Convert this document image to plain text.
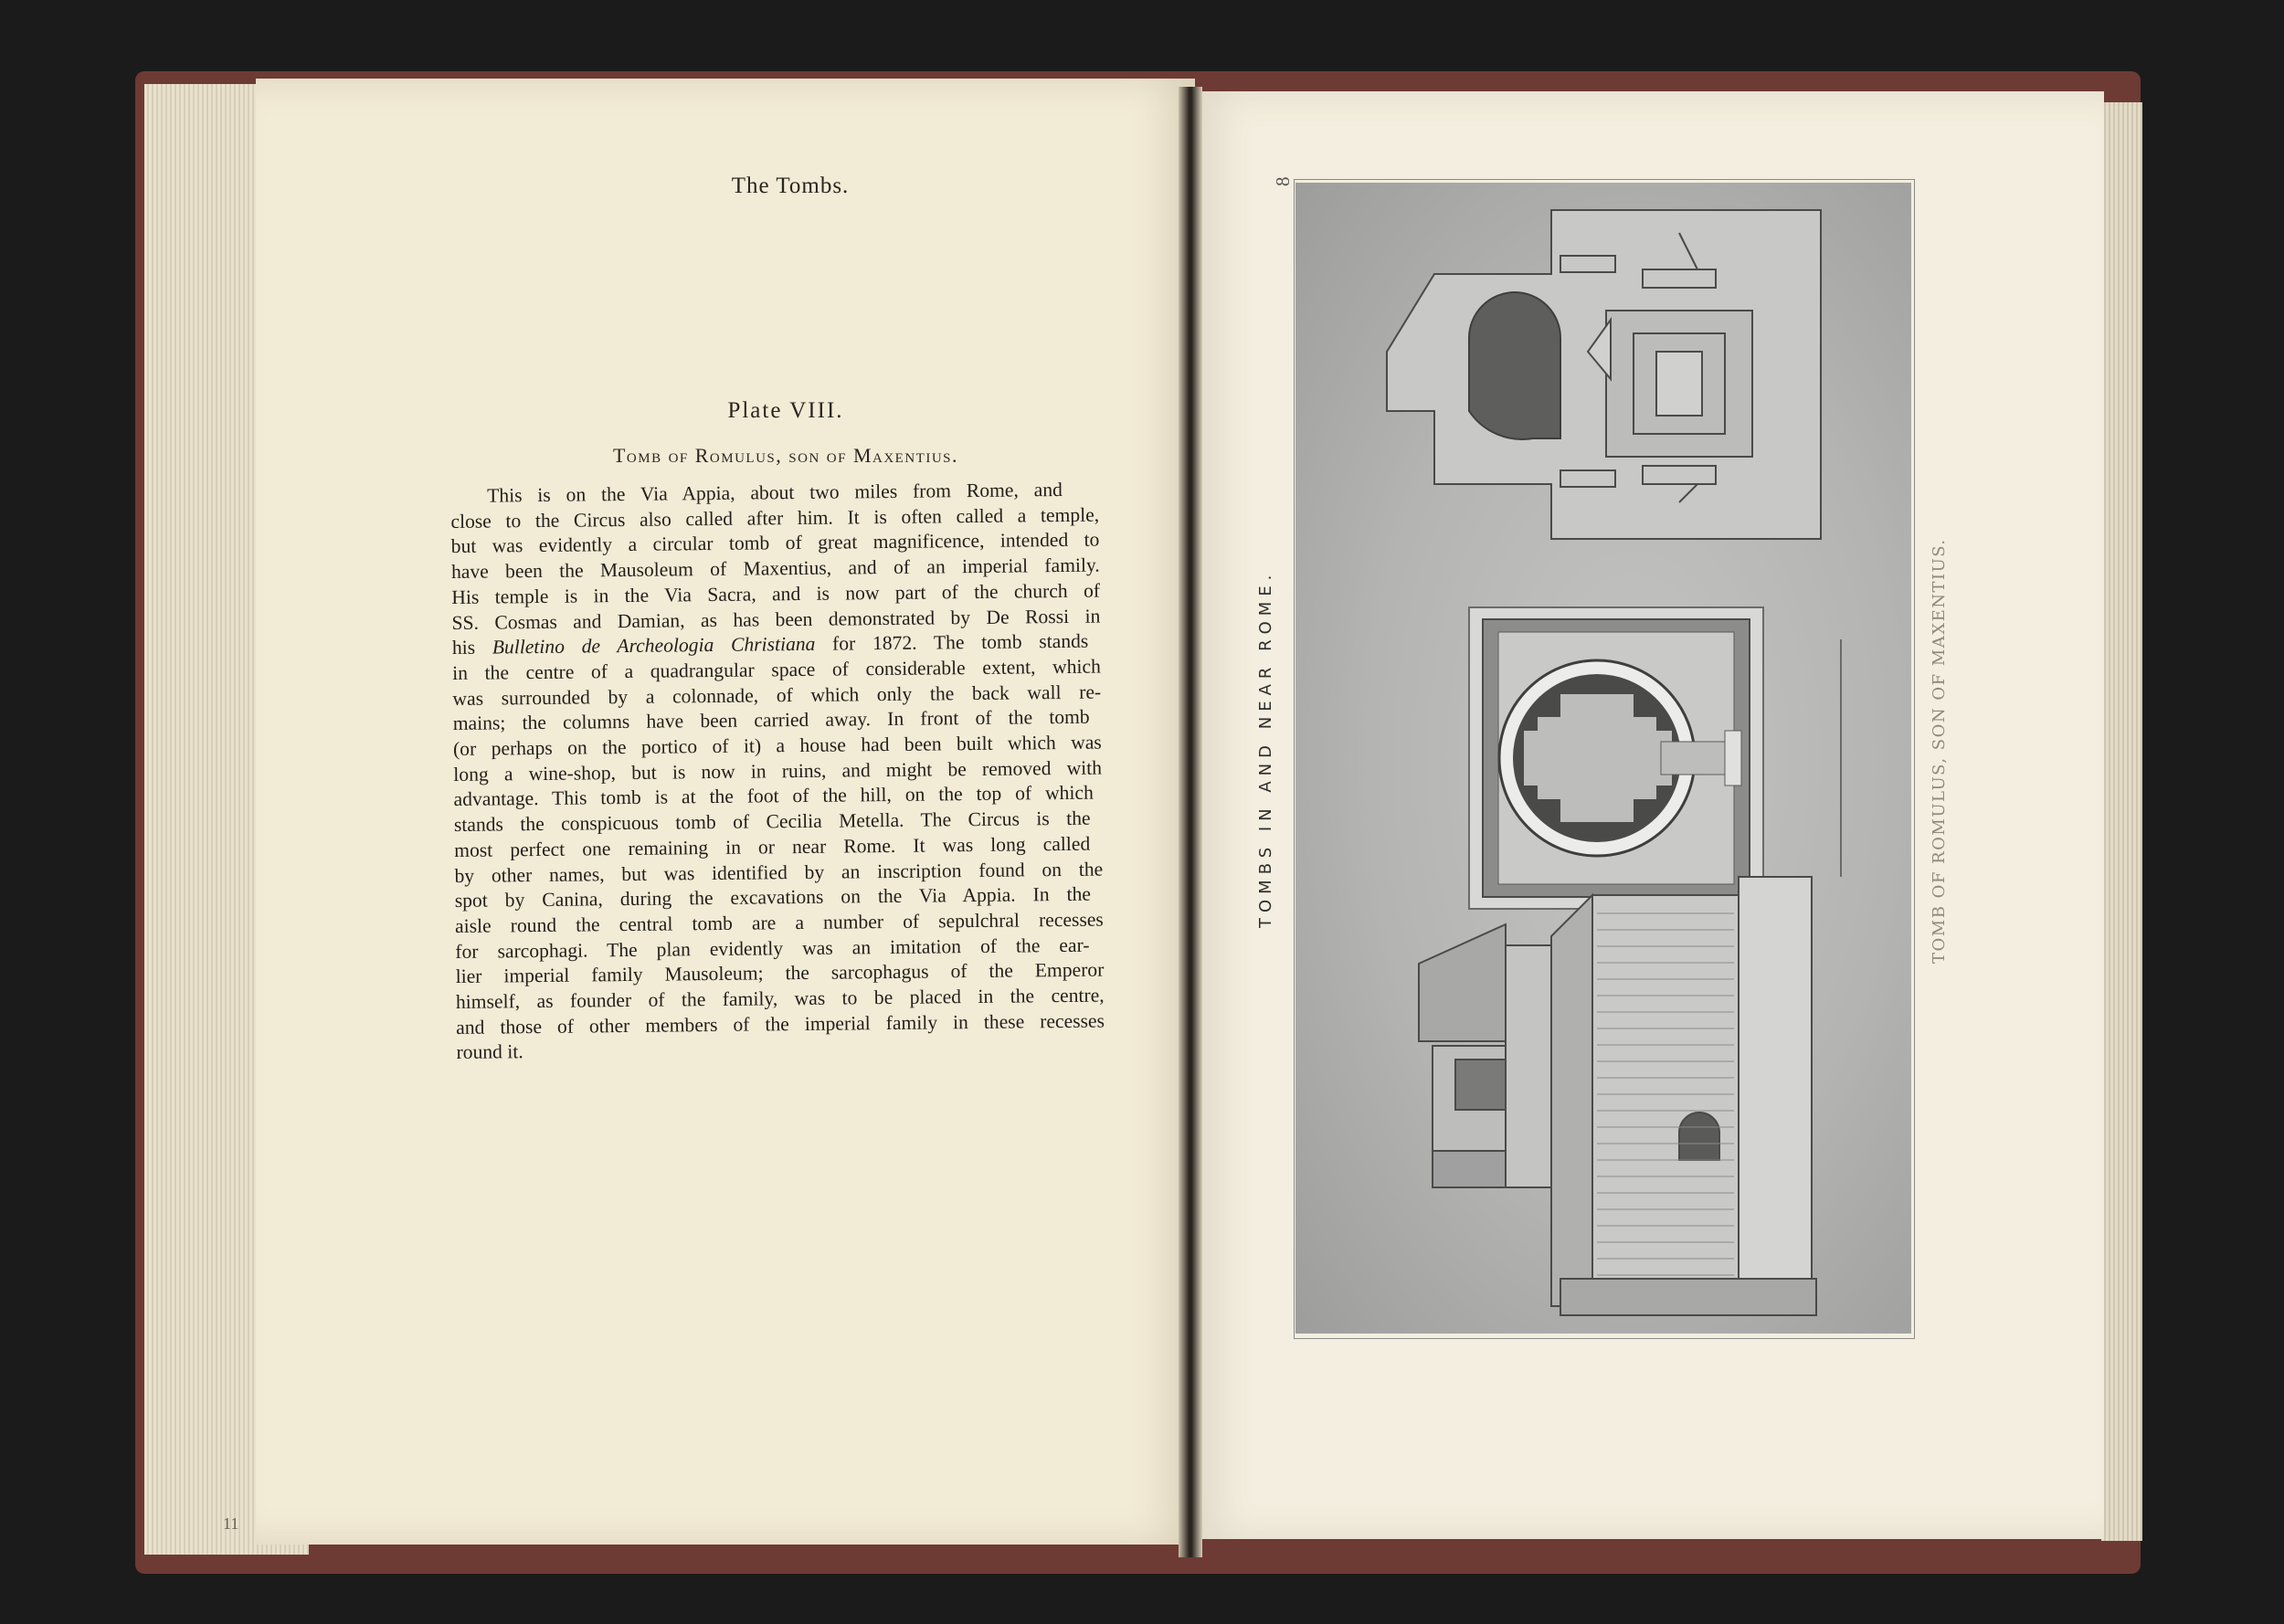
The Tombs.
Plate VIII.
Tomb of Romulus, son of Maxentius.
This is on the Via Appia, about two miles from Rome, and
close to the Circus also called after him. It is often called a temple,
but was evidently a circular tomb of great magnificence, intended to
have been the Mausoleum of Maxentius, and of an imperial family.
His temple is in the Via Sacra, and is now part of the church of
SS. Cosmas and Damian, as has been demonstrated by De Rossi in
his Bulletino de Archeologia Christiana for 1872. The tomb stands
in the centre of a quadrangular space of considerable extent, which
was surrounded by a colonnade, of which only the back wall re-
mains; the columns have been carried away. In front of the tomb
(or perhaps on the portico of it) a house had been built which was
long a wine-shop, but is now in ruins, and might be removed with
advantage. This tomb is at the foot of the hill, on the top of which
stands the conspicuous tomb of Cecilia Metella. The Circus is the
most perfect one remaining in or near Rome. It was long called
by other names, but was identified by an inscription found on the
spot by Canina, during the excavations on the Via Appia. In the
aisle round the central tomb are a number of sepulchral recesses
for sarcophagi. The plan evidently was an imitation of the ear-
lier imperial family Mausoleum; the sarcophagus of the Emperor
himself, as founder of the family, was to be placed in the centre,
and those of other members of the imperial family in these recesses
round it.
11
8
TOMBS IN AND NEAR ROME.	TOMB OF ROMULUS, SON OF MAXENTIUS.
